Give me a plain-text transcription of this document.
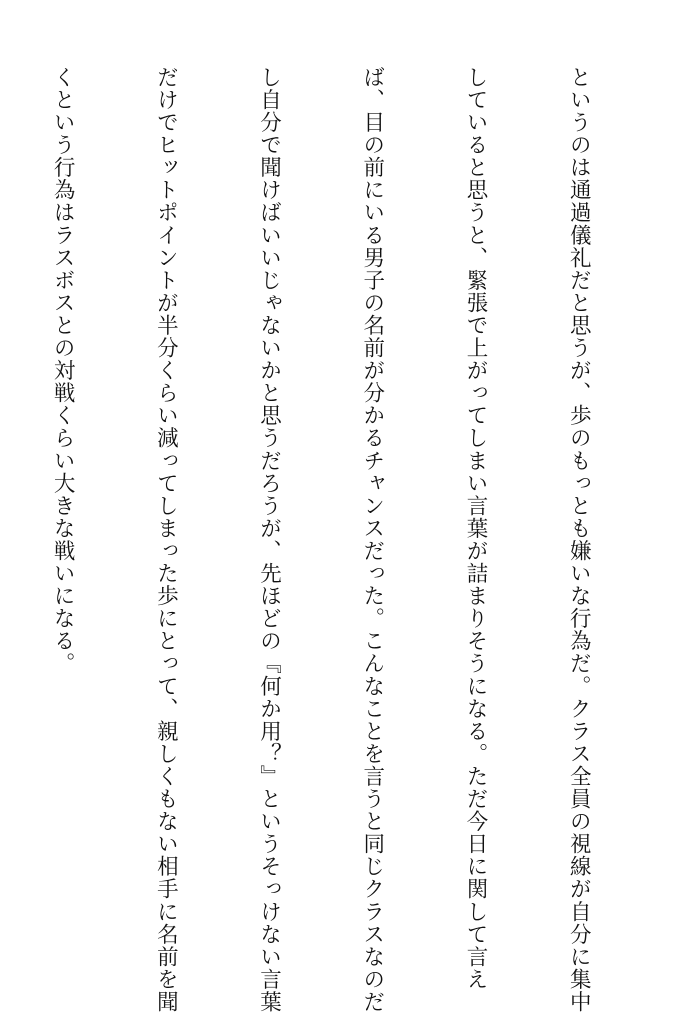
というのは通過儀礼だと思うが、歩のもっとも嫌いな行為だ。クラス全員の視線が自分に集中

していると思うと、緊張で上がってしまい言葉が詰まりそうになる。ただ今日に関して言え

ば、目の前にいる男子の名前が分かるチャンスだった。こんなことを言うと同じクラスなのだ

し自分で聞けばいいじゃないかと思うだろうが、先ほどの『何か用？』というそっけない言葉

だけでヒットポイントが半分くらい減ってしまった歩にとって、親しくもない相手に名前を聞

くという行為はラスボスとの対戦くらい大きな戦いになる。
